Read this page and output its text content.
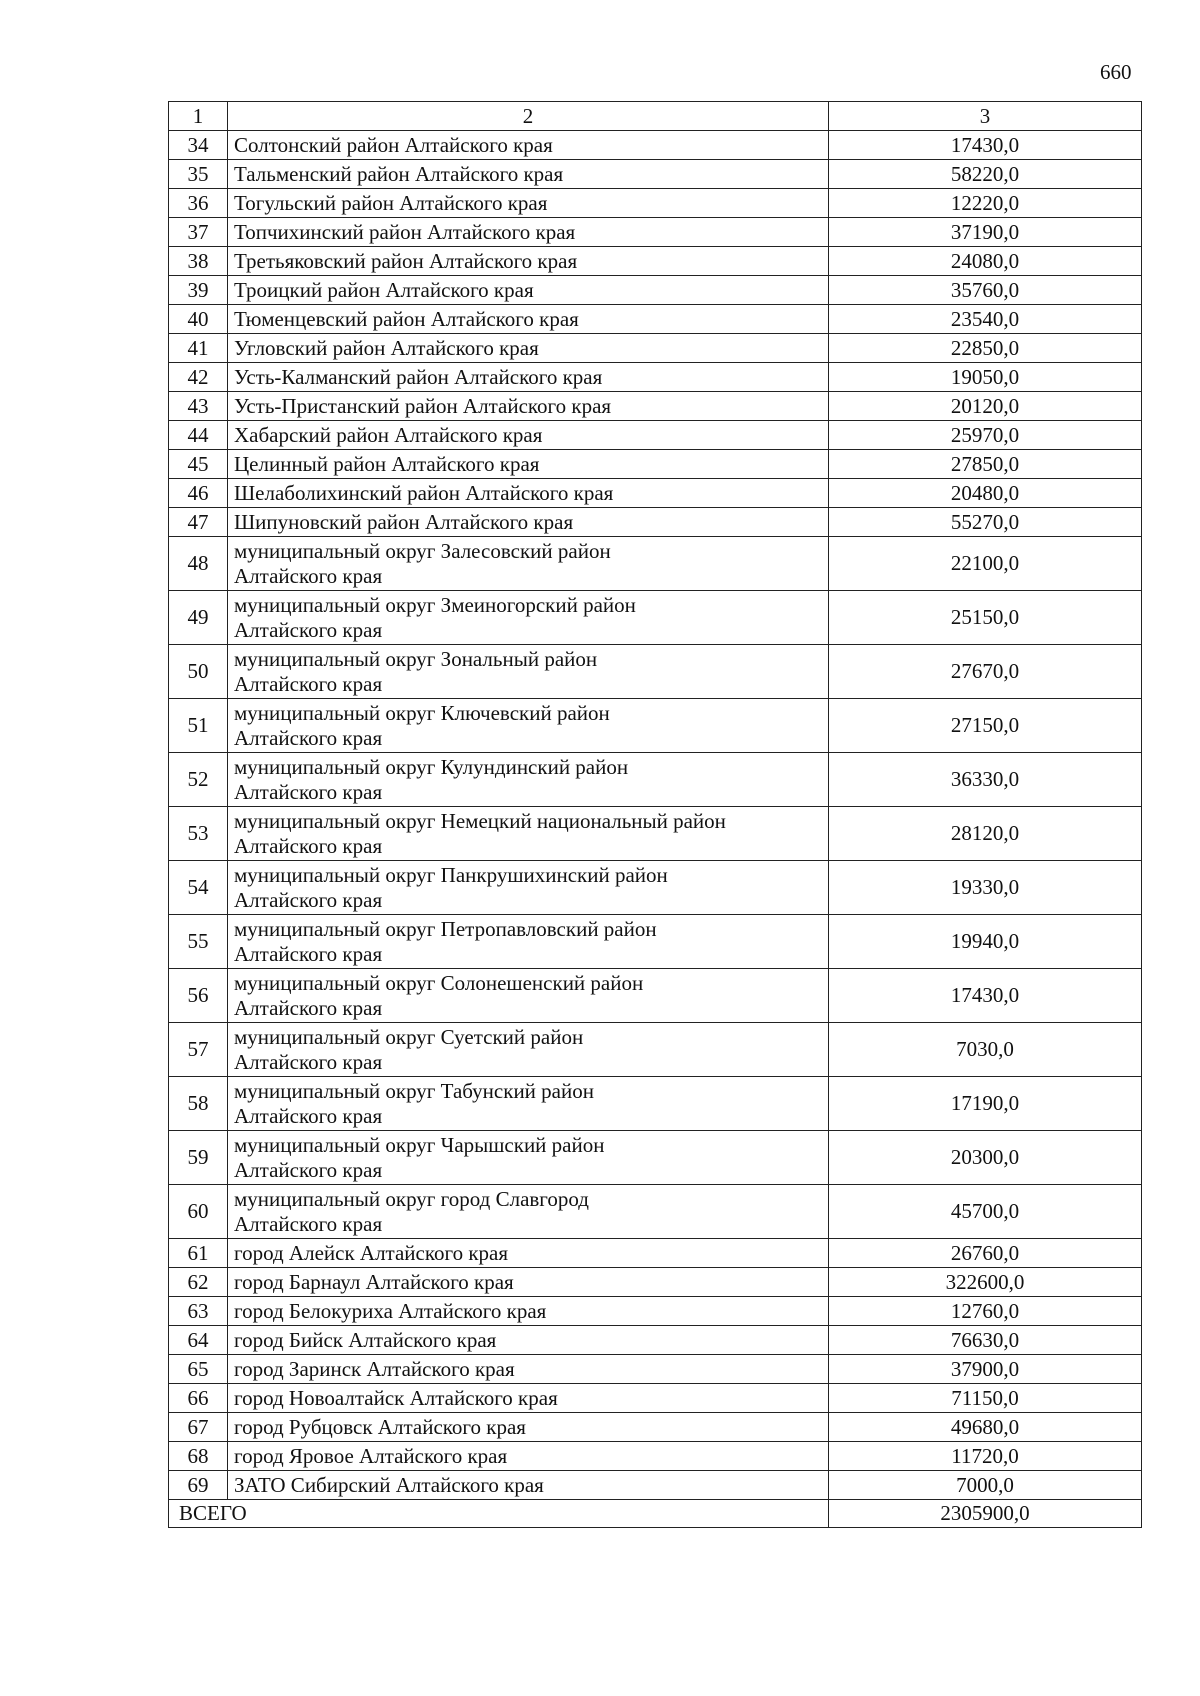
660
1	2	3
34	Солтонский район Алтайского края	17430,0
35	Тальменский район Алтайского края	58220,0
36	Тогульский район Алтайского края	12220,0
37	Топчихинский район Алтайского края	37190,0
38	Третьяковский район Алтайского края	24080,0
39	Троицкий район Алтайского края	35760,0
40	Тюменцевский район Алтайского края	23540,0
41	Угловский район Алтайского края	22850,0
42	Усть-Калманский район Алтайского края	19050,0
43	Усть-Пристанский район Алтайского края	20120,0
44	Хабарский район Алтайского края	25970,0
45	Целинный район Алтайского края	27850,0
46	Шелаболихинский район Алтайского края	20480,0
47	Шипуновский район Алтайского края	55270,0
48	муниципальный округ Залесовский район
Алтайского края	22100,0
49	муниципальный округ Змеиногорский район
Алтайского края	25150,0
50	муниципальный округ Зональный район
Алтайского края	27670,0
51	муниципальный округ Ключевский район
Алтайского края	27150,0
52	муниципальный округ Кулундинский район
Алтайского края	36330,0
53	муниципальный округ Немецкий национальный район
Алтайского края	28120,0
54	муниципальный округ Панкрушихинский район
Алтайского края	19330,0
55	муниципальный округ Петропавловский район
Алтайского края	19940,0
56	муниципальный округ Солонешенский район
Алтайского края	17430,0
57	муниципальный округ Суетский район
Алтайского края	7030,0
58	муниципальный округ Табунский район
Алтайского края	17190,0
59	муниципальный округ Чарышский район
Алтайского края	20300,0
60	муниципальный округ город Славгород
Алтайского края	45700,0
61	город Алейск Алтайского края	26760,0
62	город Барнаул Алтайского края	322600,0
63	город Белокуриха Алтайского края	12760,0
64	город Бийск Алтайского края	76630,0
65	город Заринск Алтайского края	37900,0
66	город Новоалтайск Алтайского края	71150,0
67	город Рубцовск Алтайского края	49680,0
68	город Яровое Алтайского края	11720,0
69	ЗАТО Сибирский Алтайского края	7000,0
ВСЕГО		2305900,0
